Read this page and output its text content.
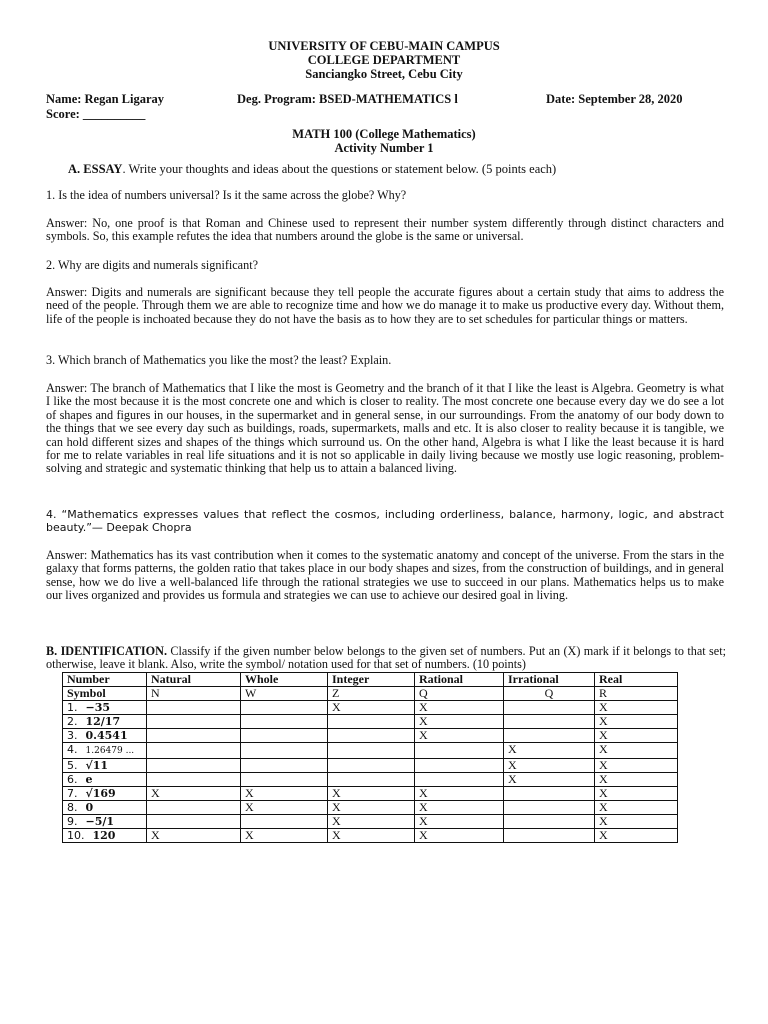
UNIVERSITY OF CEBU-MAIN CAMPUS
COLLEGE DEPARTMENT
Sanciangko Street, Cebu City
Name: Regan Ligaray	Deg. Program: BSED-MATHEMATICS l	Date: September 28, 2020
Score: __________
MATH 100 (College Mathematics)
Activity Number 1
A. ESSAY. Write your thoughts and ideas about the questions or statement below. (5 points each)
1. Is the idea of numbers universal? Is it the same across the globe? Why?
Answer: No, one proof is that Roman and Chinese used to represent their number system differently through distinct characters and symbols. So, this example refutes the idea that numbers around the globe is the same or universal.
2. Why are digits and numerals significant?
Answer: Digits and numerals are significant because they tell people the accurate figures about a certain study that aims to address the need of the people. Through them we are able to recognize time and how we do manage it to make us productive every day. Without them, life of the people is inchoated because they do not have the basis as to how they are to set schedules for particular things or matters.
3. Which branch of Mathematics you like the most? the least? Explain.
Answer: The branch of Mathematics that I like the most is Geometry and the branch of it that I like the least is Algebra. Geometry is what I like the most because it is the most concrete one and which is closer to reality. The most concrete one because every day we do see a lot of shapes and figures in our houses, in the supermarket and in general sense, in our surroundings. From the anatomy of our body down to the things that we see every day such as buildings, roads, supermarkets, malls and etc. It is also closer to reality because it is tangible, we can hold different sizes and shapes of the things which surround us. On the other hand, Algebra is what I like the least because it is hard for me to relate variables in real life situations and it is not so applicable in daily living because we mostly use logic reasoning, problem-solving and strategic and systematic thinking that help us to attain a balanced living.
4. “Mathematics expresses values that reflect the cosmos, including orderliness, balance, harmony, logic, and abstract beauty.”— Deepak Chopra
Answer: Mathematics has its vast contribution when it comes to the systematic anatomy and concept of the universe. From the stars in the galaxy that forms patterns, the golden ratio that takes place in our body shapes and sizes, from the construction of buildings, and in general sense, how we do live a well-balanced life through the rational strategies we use to succeed in our plans. Mathematics helps us to make our lives organized and provides us formula and strategies we can use to achieve our desired goal in living.
B. IDENTIFICATION. Classify if the given number below belongs to the given set of numbers. Put an (X) mark if it belongs to that set; otherwise, leave it blank. Also, write the symbol/ notation used for that set of numbers. (10 points)
Number	Natural	Whole	Integer	Rational	Irrational	Real
Symbol	N	W	Z	Q	Q	R
1. −35			X	X		X
2. 12/17				X		X
3. 0.4541				X		X
4. 1.26479 ...					X	X
5. √11					X	X
6. e					X	X
7. √169	X	X	X	X		X
8. 0		X	X	X		X
9. −5/1			X	X		X
10. 120	X	X	X	X		X
